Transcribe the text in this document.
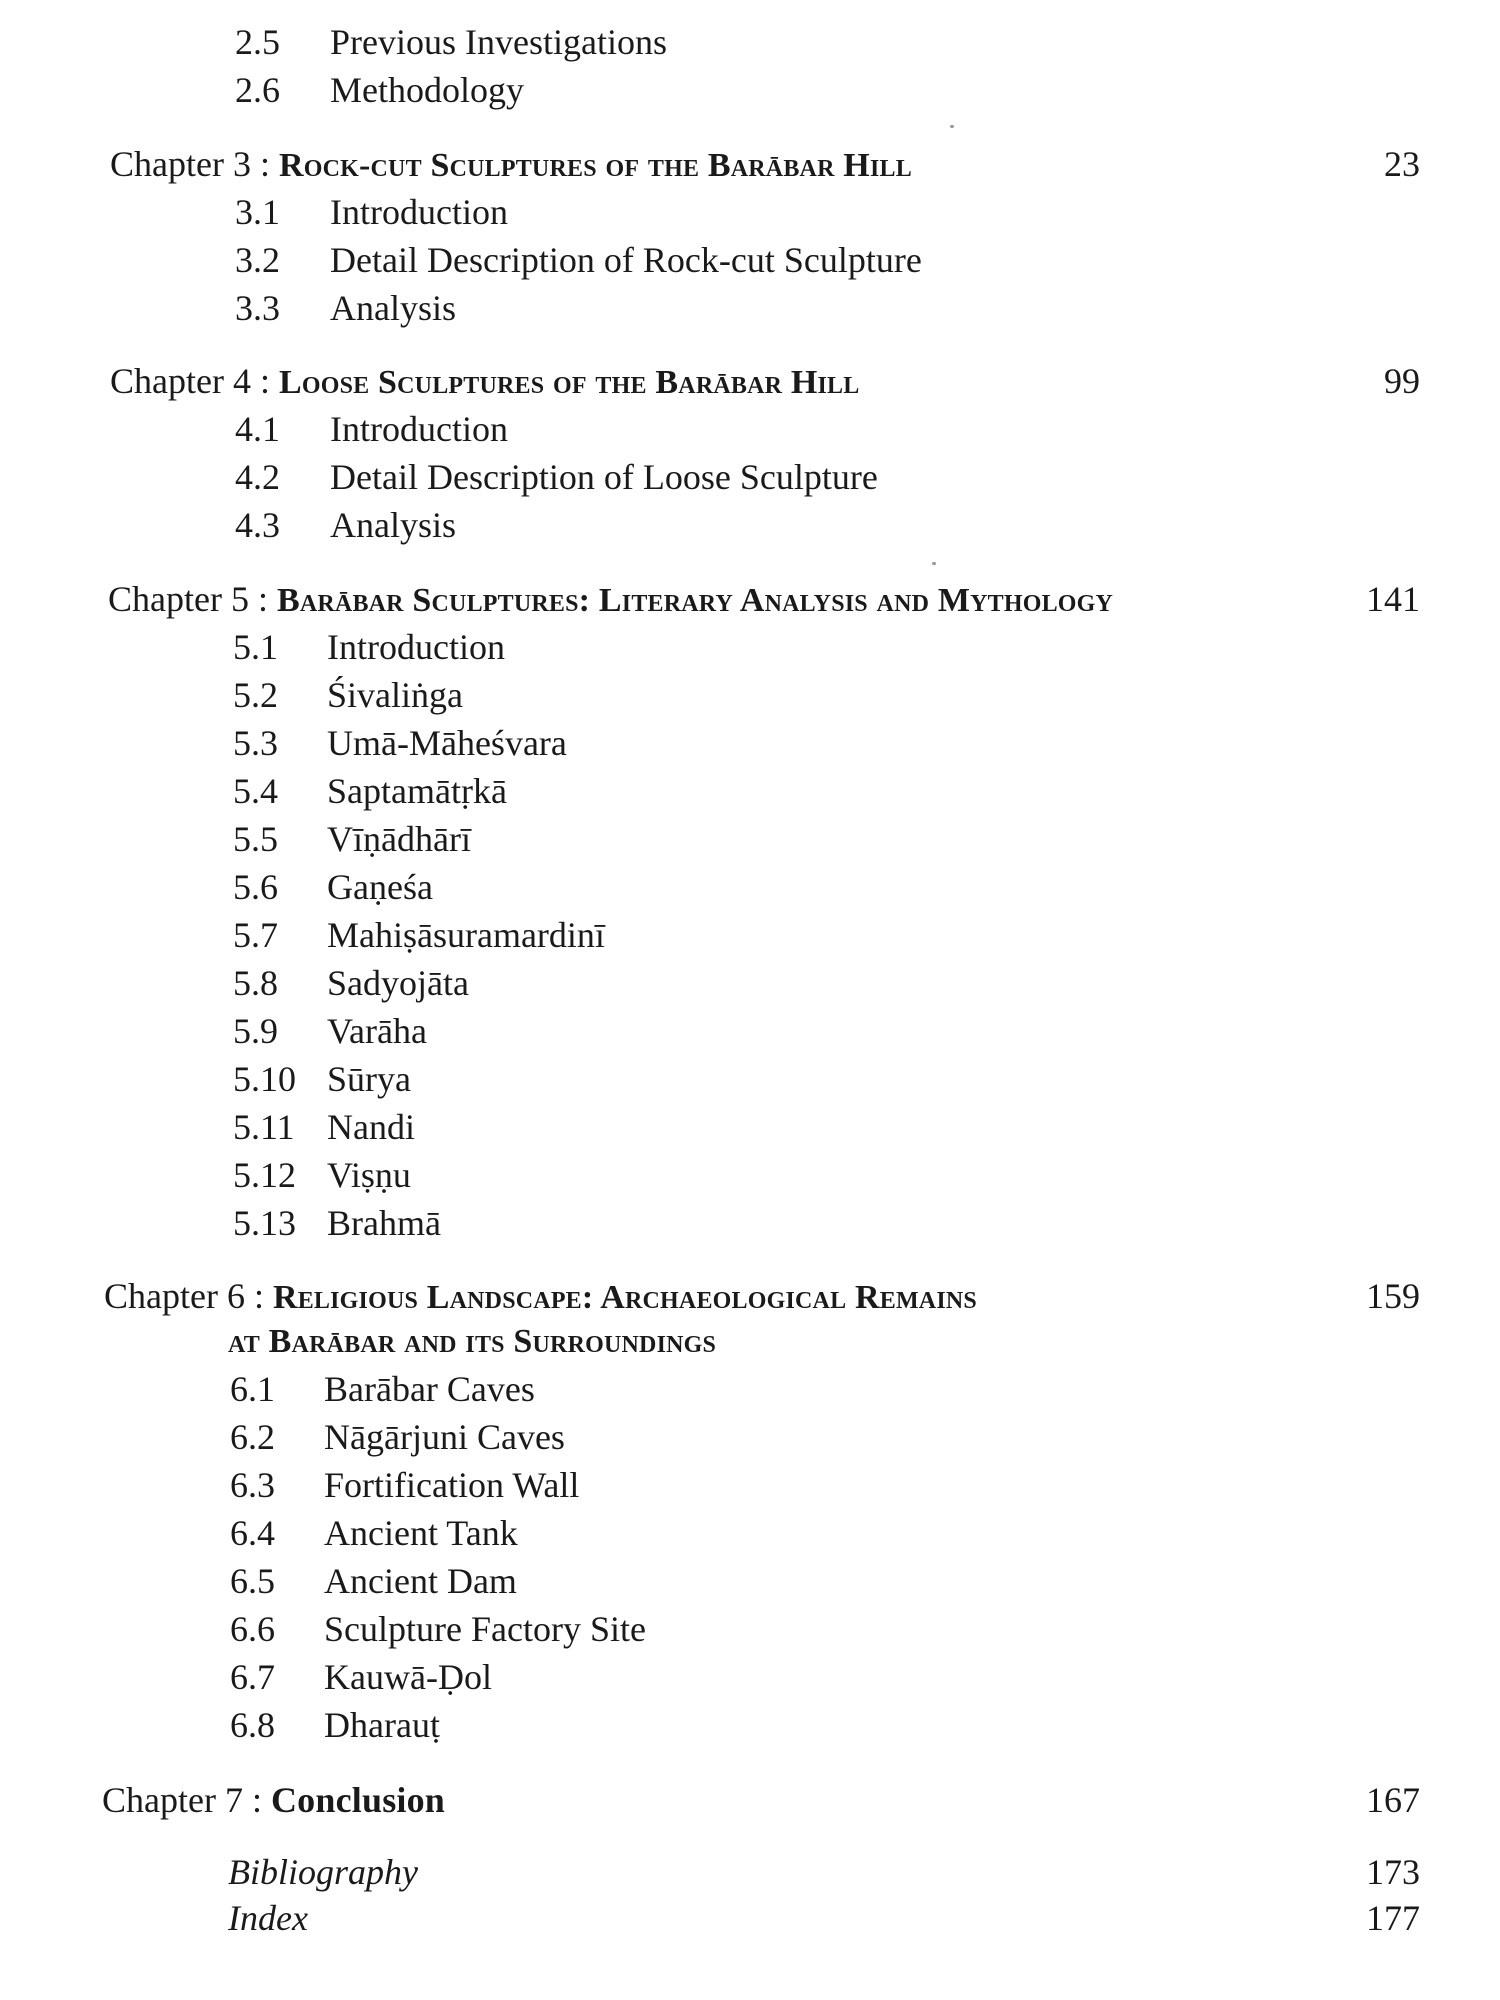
2.5 Previous Investigations
2.6 Methodology
Chapter 3 : Rock-cut Sculptures of the Barābar Hill	23
3.1 Introduction
3.2 Detail Description of Rock-cut Sculpture
3.3 Analysis
Chapter 4 : Loose Sculptures of the Barābar Hill	99
4.1 Introduction
4.2 Detail Description of Loose Sculpture
4.3 Analysis
Chapter 5 : Barābar Sculptures: Literary Analysis and Mythology	141
5.1 Introduction
5.2 Śivaliṅga
5.3 Umā-Māheśvara
5.4 Saptamātṛkā
5.5 Vīṇādhārī
5.6 Gaṇeśa
5.7 Mahiṣāsuramardinī
5.8 Sadyojāta
5.9 Varāha
5.10 Sūrya
5.11 Nandi
5.12 Viṣṇu
5.13 Brahmā
Chapter 6 : Religious Landscape: Archaeological Remains	159
at Barābar and its Surroundings
6.1 Barābar Caves
6.2 Nāgārjuni Caves
6.3 Fortification Wall
6.4 Ancient Tank
6.5 Ancient Dam
6.6 Sculpture Factory Site
6.7 Kauwā-Ḍol
6.8 Dharauṭ
Chapter 7 : Conclusion	167
Bibliography	173
Index	177
